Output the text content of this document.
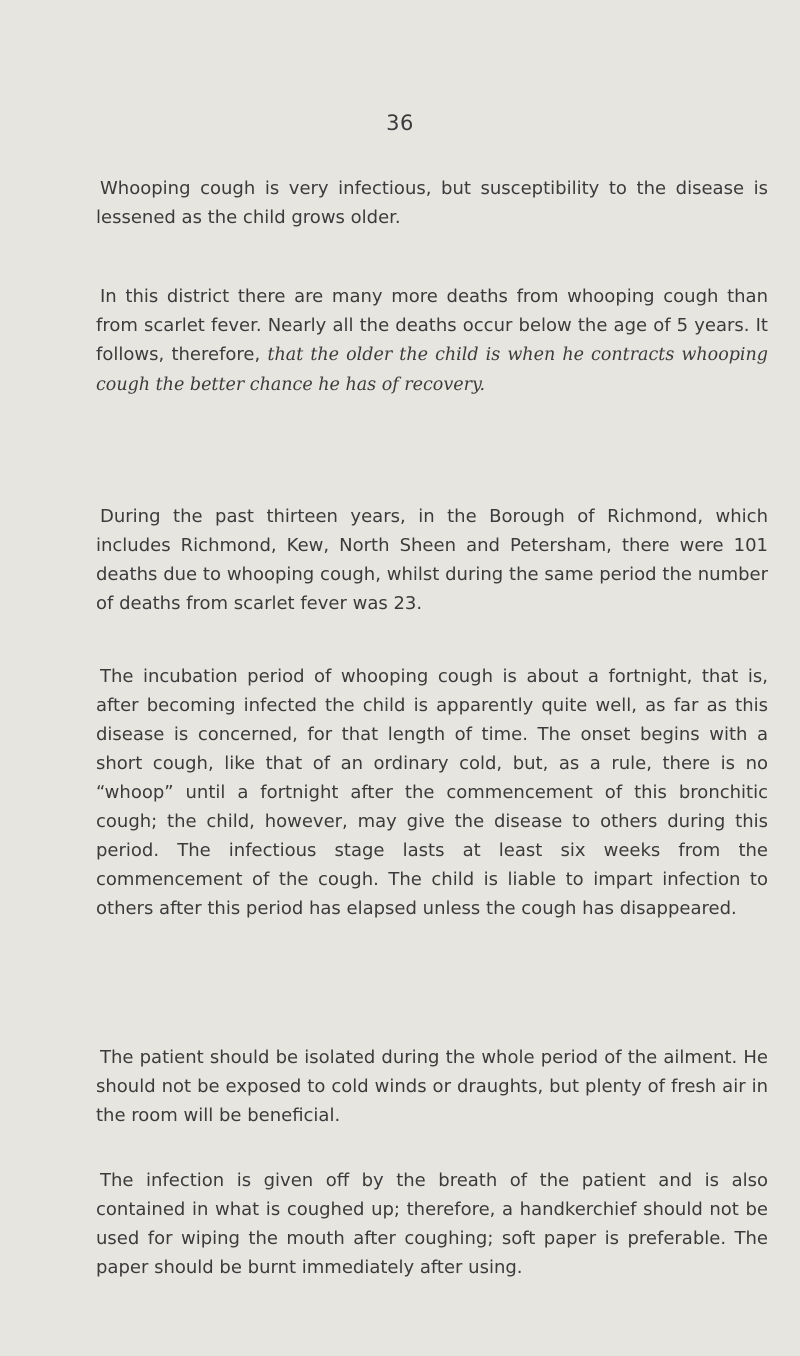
36

Whooping cough is very infectious, but susceptibility to the disease is lessened as the child grows older.

In this district there are many more deaths from whooping cough than from scarlet fever. Nearly all the deaths occur below the age of 5 years. It follows, therefore, that the older the child is when he contracts whooping cough the better chance he has of recovery.

During the past thirteen years, in the Borough of Richmond, which includes Richmond, Kew, North Sheen and Petersham, there were 101 deaths due to whooping cough, whilst during the same period the number of deaths from scarlet fever was 23.

The incubation period of whooping cough is about a fortnight, that is, after becoming infected the child is apparently quite well, as far as this disease is concerned, for that length of time. The onset begins with a short cough, like that of an ordinary cold, but, as a rule, there is no “whoop” until a fortnight after the commencement of this bronchitic cough; the child, however, may give the disease to others during this period. The infectious stage lasts at least six weeks from the commencement of the cough. The child is liable to impart infection to others after this period has elapsed unless the cough has disappeared.

The patient should be isolated during the whole period of the ailment. He should not be exposed to cold winds or draughts, but plenty of fresh air in the room will be beneficial.

The infection is given off by the breath of the patient and is also contained in what is coughed up; therefore, a handkerchief should not be used for wiping the mouth after coughing; soft paper is preferable. The paper should be burnt immediately after using.
